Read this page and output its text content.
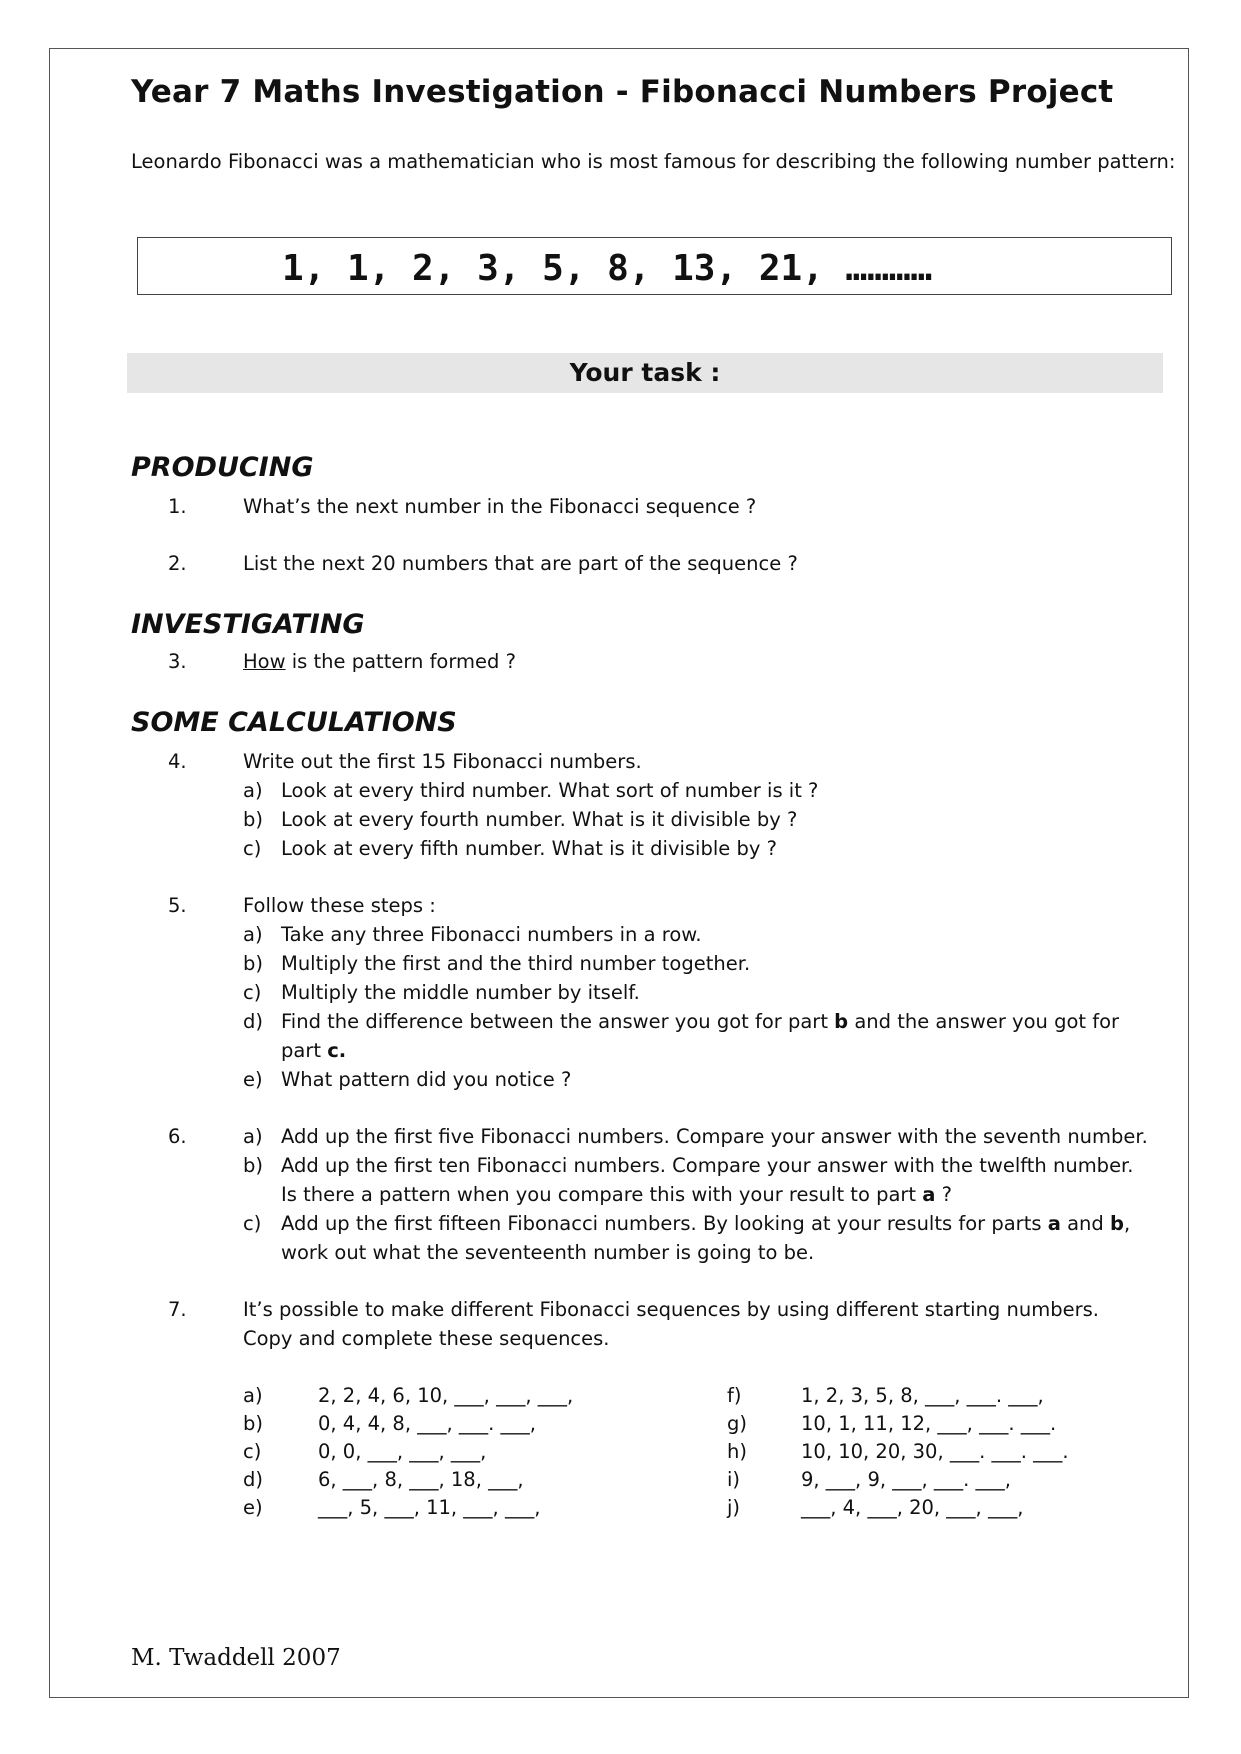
Year 7 Maths Investigation - Fibonacci Numbers Project
Leonardo Fibonacci was a mathematician who is most famous for describing the following number pattern:
1, 1, 2, 3, 5, 8, 13, 21, …………
Your task :
PRODUCING
1.	What’s the next number in the Fibonacci sequence ?
2.	List the next 20 numbers that are part of the sequence ?
INVESTIGATING
3.	How is the pattern formed ?
SOME CALCULATIONS
4.	Write out the first 15 Fibonacci numbers.
a) Look at every third number. What sort of number is it ?
b) Look at every fourth number. What is it divisible by ?
c) Look at every fifth number. What is it divisible by ?
5.	Follow these steps :
a) Take any three Fibonacci numbers in a row.
b) Multiply the first and the third number together.
c) Multiply the middle number by itself.
d) Find the difference between the answer you got for part b and the answer you got for
part c.
e) What pattern did you notice ?
6.	a) Add up the first five Fibonacci numbers. Compare your answer with the seventh number.
b) Add up the first ten Fibonacci numbers. Compare your answer with the twelfth number.
Is there a pattern when you compare this with your result to part a ?
c) Add up the first fifteen Fibonacci numbers. By looking at your results for parts a and b,
work out what the seventeenth number is going to be.
7.	It’s possible to make different Fibonacci sequences by using different starting numbers.
Copy and complete these sequences.
a)	2, 2, 4, 6, 10, ___, ___, ___,
b)	0, 4, 4, 8, ___, ___. ___,
c)	0, 0, ___, ___, ___,
d)	6, ___, 8, ___, 18, ___,
e)	___, 5, ___, 11, ___, ___,
f)	1, 2, 3, 5, 8, ___, ___. ___,
g)	10, 1, 11, 12, ___, ___. ___.
h)	10, 10, 20, 30, ___. ___. ___.
i)	9, ___, 9, ___, ___. ___,
j)	___, 4, ___, 20, ___, ___,
M. Twaddell 2007
